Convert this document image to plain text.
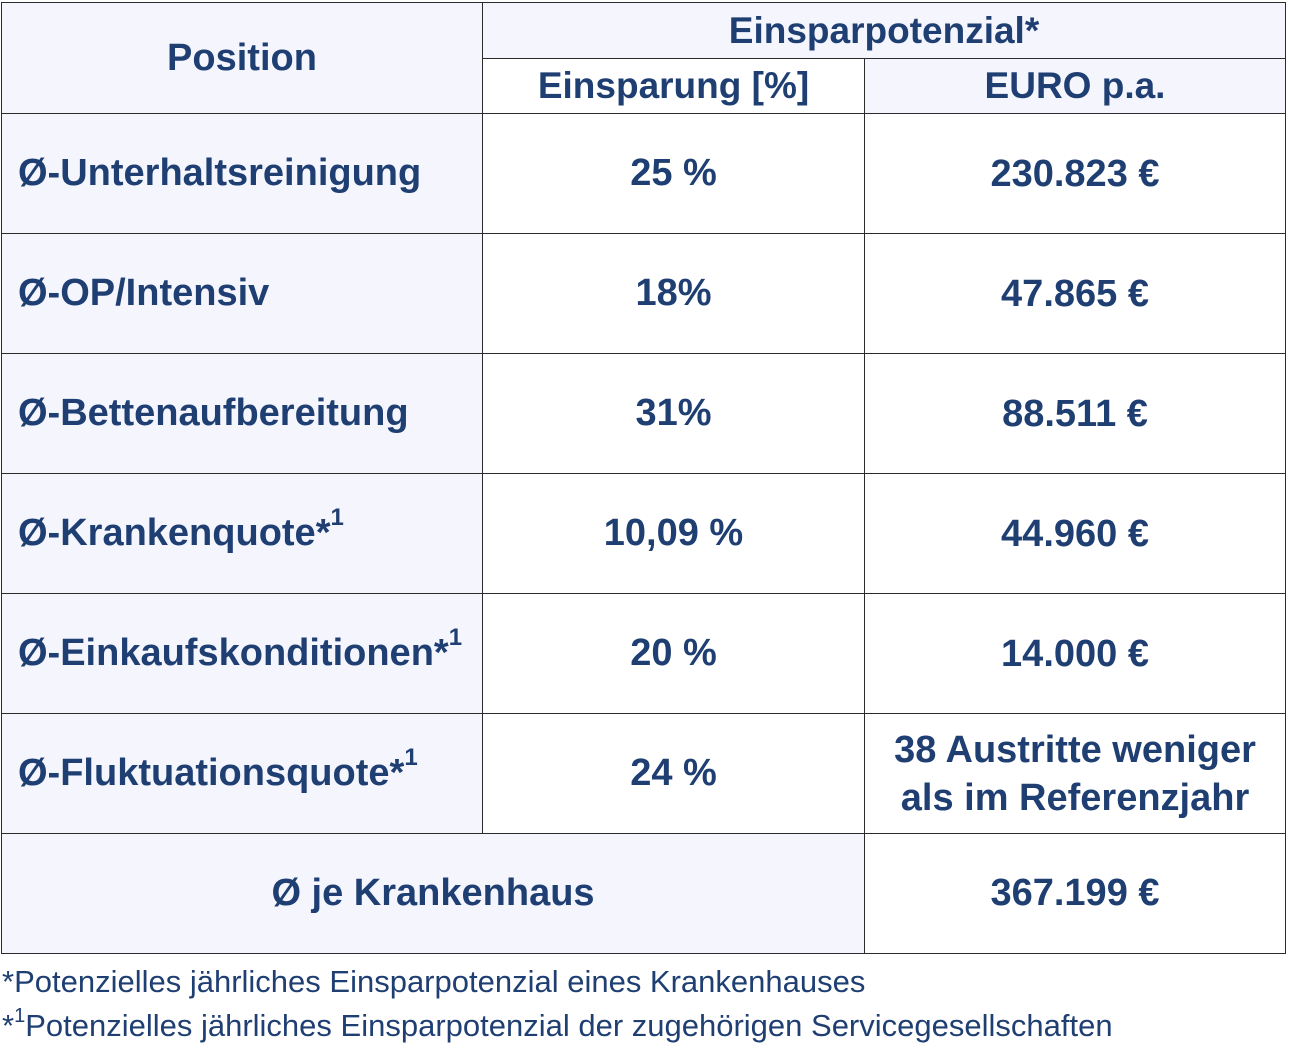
Position	Einsparpotenzial*	
	Einsparung [%]	EURO p.a.
Ø-Unterhaltsreinigung	25 %	230.823 €
Ø-OP/Intensiv	18%	47.865 €
Ø-Bettenaufbereitung	31%	88.511 €
Ø-Krankenquote*$^1$	10,09 %	44.960 €
Ø-Einkaufskonditionen*$^1$	20 %	14.000 €
Ø-Fluktuationsquote*$^1$	24 %	38 Austritte weniger
als im Referenzjahr
Ø je Krankenhaus		367.199 €
*Potenzielles jährliches Einsparpotenzial eines Krankenhauses
*$^1$Potenzielles jährliches Einsparpotenzial der zugehörigen Servicegesellschaften
